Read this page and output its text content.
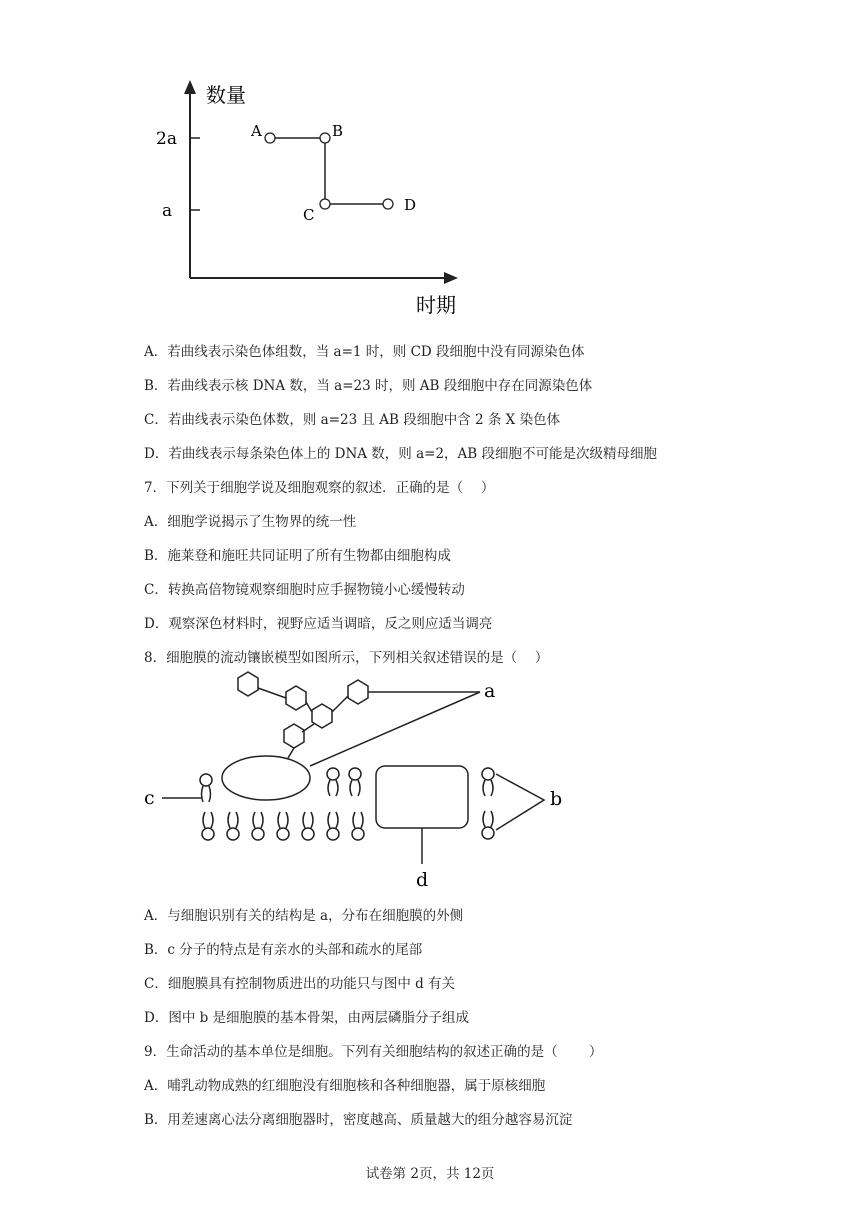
数量
时期
2a
a
A	B
C
D
A．若曲线表示染色体组数，当 a=1 时，则 CD 段细胞中没有同源染色体
B．若曲线表示核 DNA 数，当 a=23 时，则 AB 段细胞中存在同源染色体
C．若曲线表示染色体数，则 a=23 且 AB 段细胞中含 2 条 X 染色体
D．若曲线表示每条染色体上的 DNA 数，则 a=2，AB 段细胞不可能是次级精母细胞
7．下列关于细胞学说及细胞观察的叙述．正确的是（　 ）
A．细胞学说揭示了生物界的统一性
B．施莱登和施旺共同证明了所有生物都由细胞构成
C．转换高倍物镜观察细胞时应手握物镜小心缓慢转动
D．观察深色材料时，视野应适当调暗，反之则应适当调亮
8．细胞膜的流动镶嵌模型如图所示，下列相关叙述错误的是（　 ）
a
b
c
d
A．与细胞识别有关的结构是 a，分布在细胞膜的外侧
B．c 分子的特点是有亲水的头部和疏水的尾部
C．细胞膜具有控制物质进出的功能只与图中 d 有关
D．图中 b 是细胞膜的基本骨架，由两层磷脂分子组成
9．生命活动的基本单位是细胞。下列有关细胞结构的叙述正确的是（　　 ）
A．哺乳动物成熟的红细胞没有细胞核和各种细胞器，属于原核细胞
B．用差速离心法分离细胞器时，密度越高、质量越大的组分越容易沉淀
试卷第 2页，共 12页
